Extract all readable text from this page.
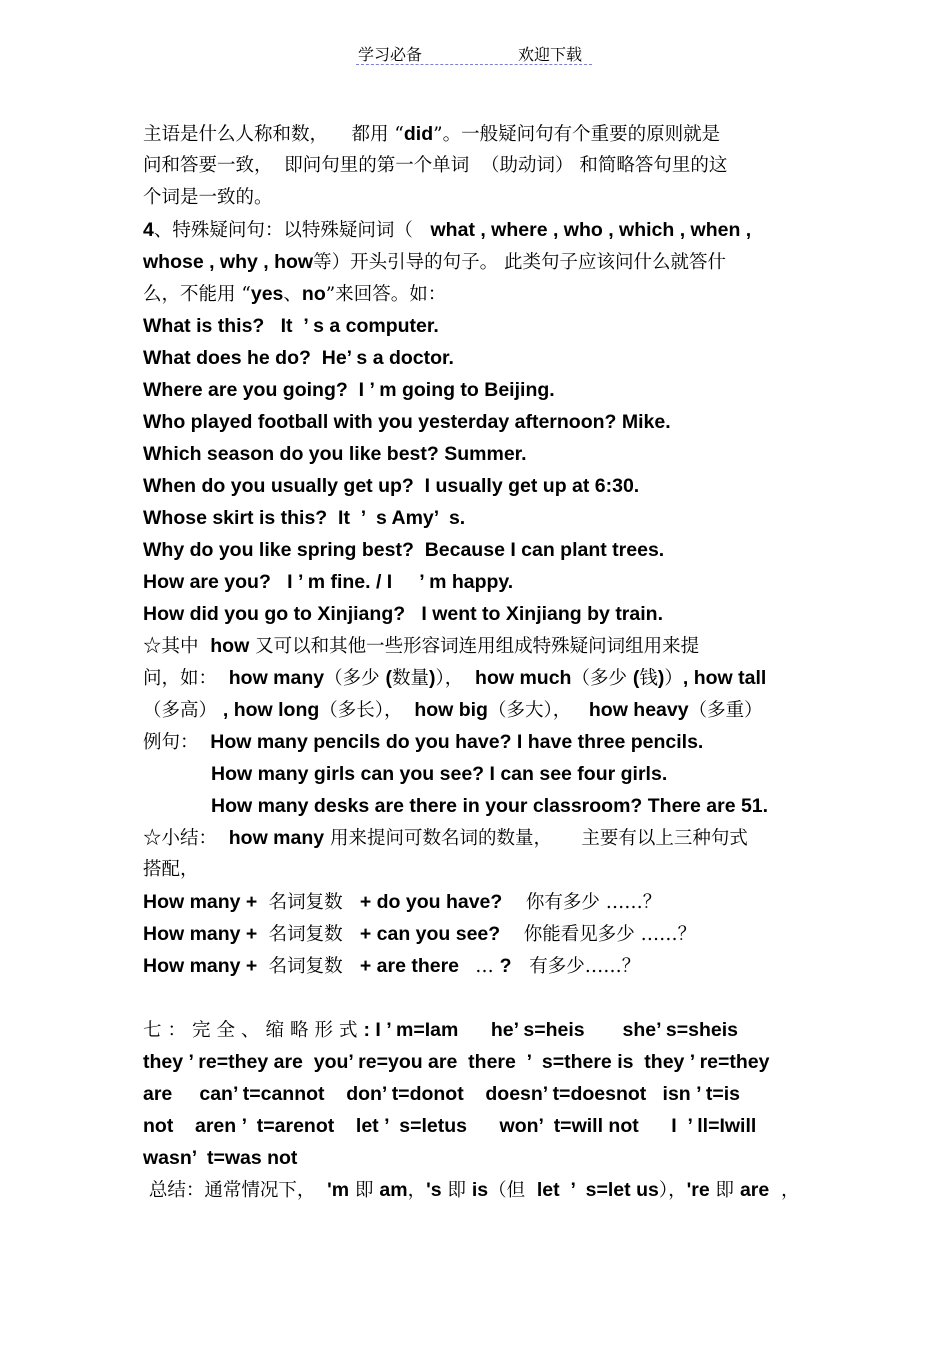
学习必备	欢迎下载
主语是什么人称和数，    都用 “did”。一般疑问句有个重要的原则就是
问和答要一致，  即问句里的第一个单词  （助动词） 和简略答句里的这
个词是一致的。
4、特殊疑问句：以特殊疑问词（   what , where , who , which , when ,
whose , why , how等）开头引导的句子。 此类句子应该问什么就答什
么，不能用 “yes、no”来回答。如：
What is this?   It  ’ s a computer.
What does he do?  He’ s a doctor.
Where are you going?  I ’ m going to Beijing.
Who played football with you yesterday afternoon? Mike.
Which season do you like best? Summer.
When do you usually get up?  I usually get up at 6:30.
Whose skirt is this?  It  ’  s Amy’  s.
Why do you like spring best?  Because I can plant trees.
How are you?   I ’ m fine. / I     ’ m happy.
How did you go to Xinjiang?   I went to Xinjiang by train.
☆其中  how 又可以和其他一些形容词连用组成特殊疑问词组用来提
问，如：  how many（多少 (数量)），  how much（多少 (钱)）, how tall
（多高） , how long（多长），  how big（多大），   how heavy（多重）
例句：  How many pencils do you have? I have three pencils.
How many girls can you see? I can see four girls.
How many desks are there in your classroom? There are 51.
☆小结：  how many 用来提问可数名词的数量，     主要有以上三种句式
搭配，
How many +  名词复数   + do you have?    你有多少 ……？
How many +  名词复数   + can you see?    你能看见多少 ……？
How many +  名词复数   + are there   … ?   有多少……？
七：完全、缩略形式: I ’ m=Iam      he’ s=heis       she’ s=sheis
they ’ re=they are  you’ re=you are  there  ’  s=there is  they ’ re=they
are     can’ t=cannot    don’ t=donot    doesn’ t=doesnot   isn ’ t=is
not    aren ’  t=arenot    let ’  s=letus      won’  t=will not      I  ’ ll=Iwill
wasn’  t=was not
总结：通常情况下，  'm 即 am，'s 即 is（但  let  ’  s=let us），'re 即 are  ，
